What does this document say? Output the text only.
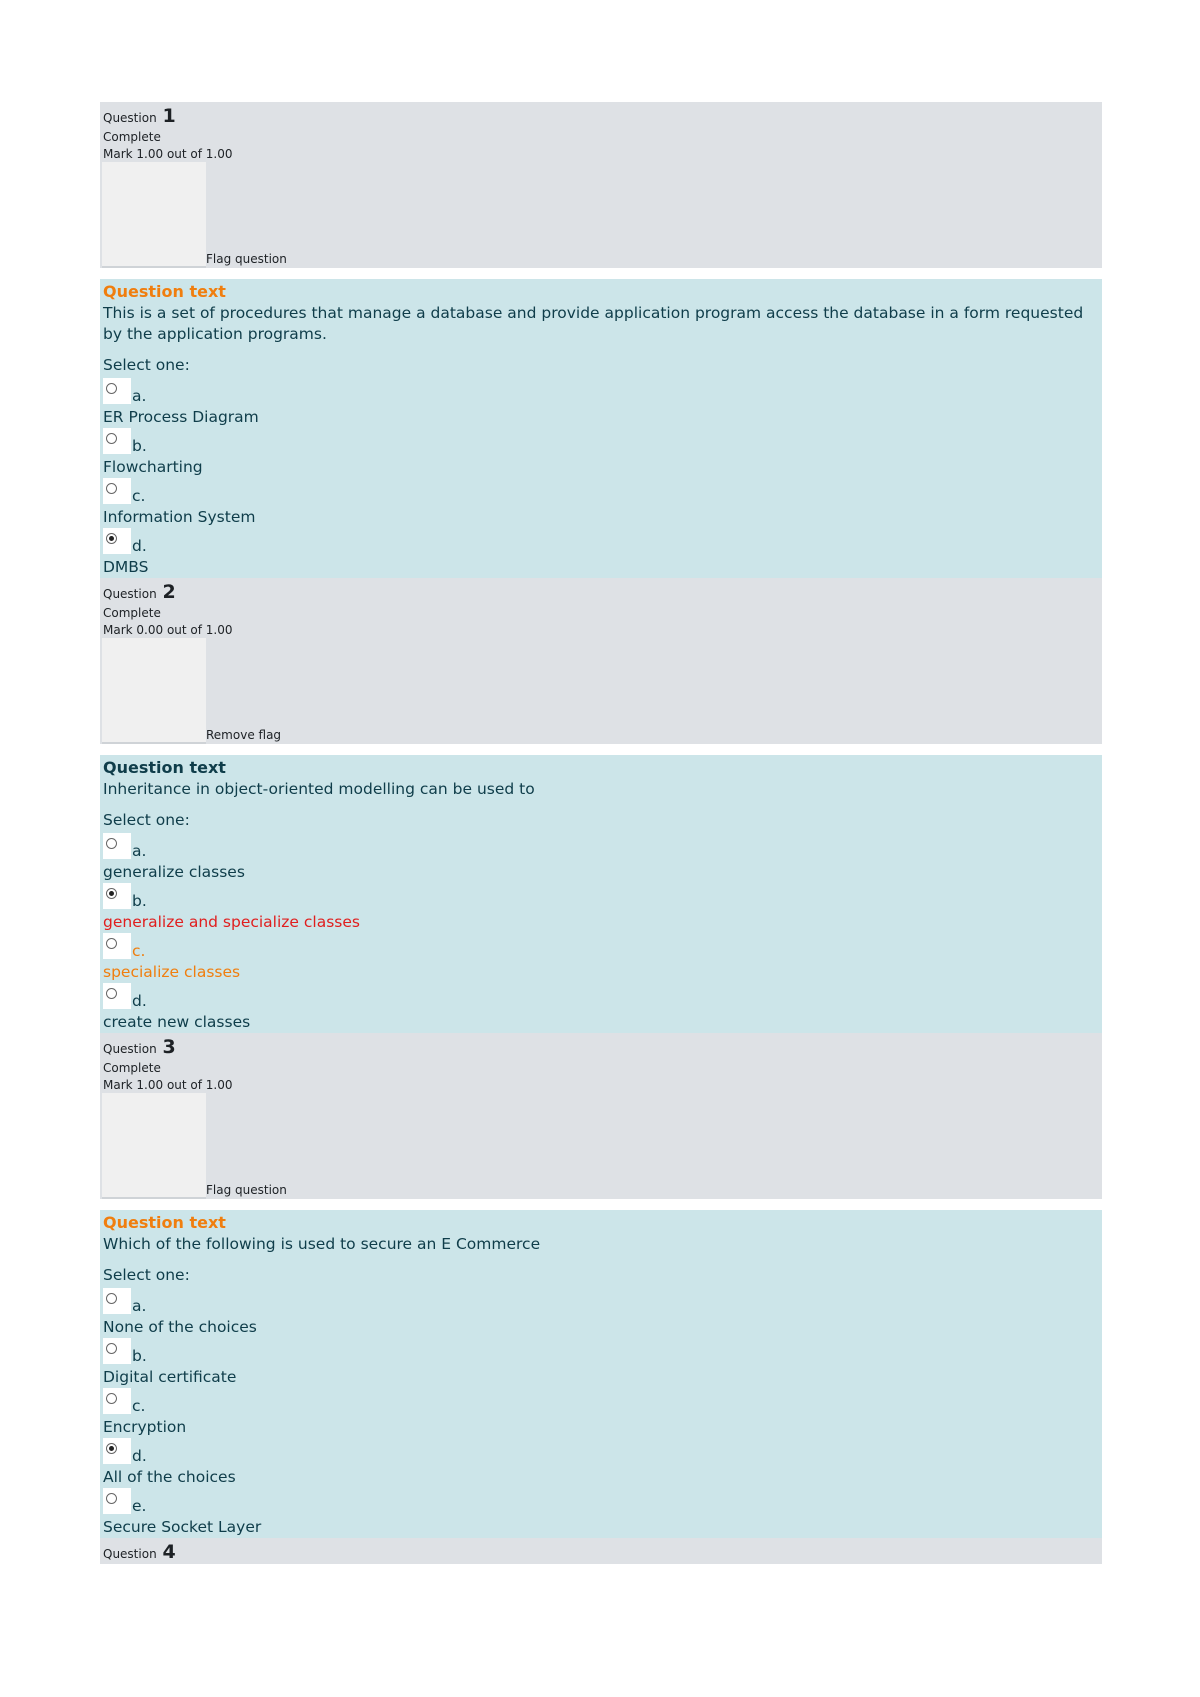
Question 1
Complete
Mark 1.00 out of 1.00
Flag question
Question text

This is a set of procedures that manage a database and provide application program access the database in a form requested by the application programs.

Select one:

a.
ER Process Diagram
b.
Flowcharting
c.
Information System
d.
DMBS
Question 2
Complete
Mark 0.00 out of 1.00
Remove flag
Question text

Inheritance in object-oriented modelling can be used to

Select one:

a.
generalize classes
b.
generalize and specialize classes
c.
specialize classes
d.
create new classes
Question 3
Complete
Mark 1.00 out of 1.00
Flag question
Question text

Which of the following is used to secure an E Commerce

Select one:

a.
None of the choices
b.
Digital certificate
c.
Encryption
d.
All of the choices
e.
Secure Socket Layer
Question 4
